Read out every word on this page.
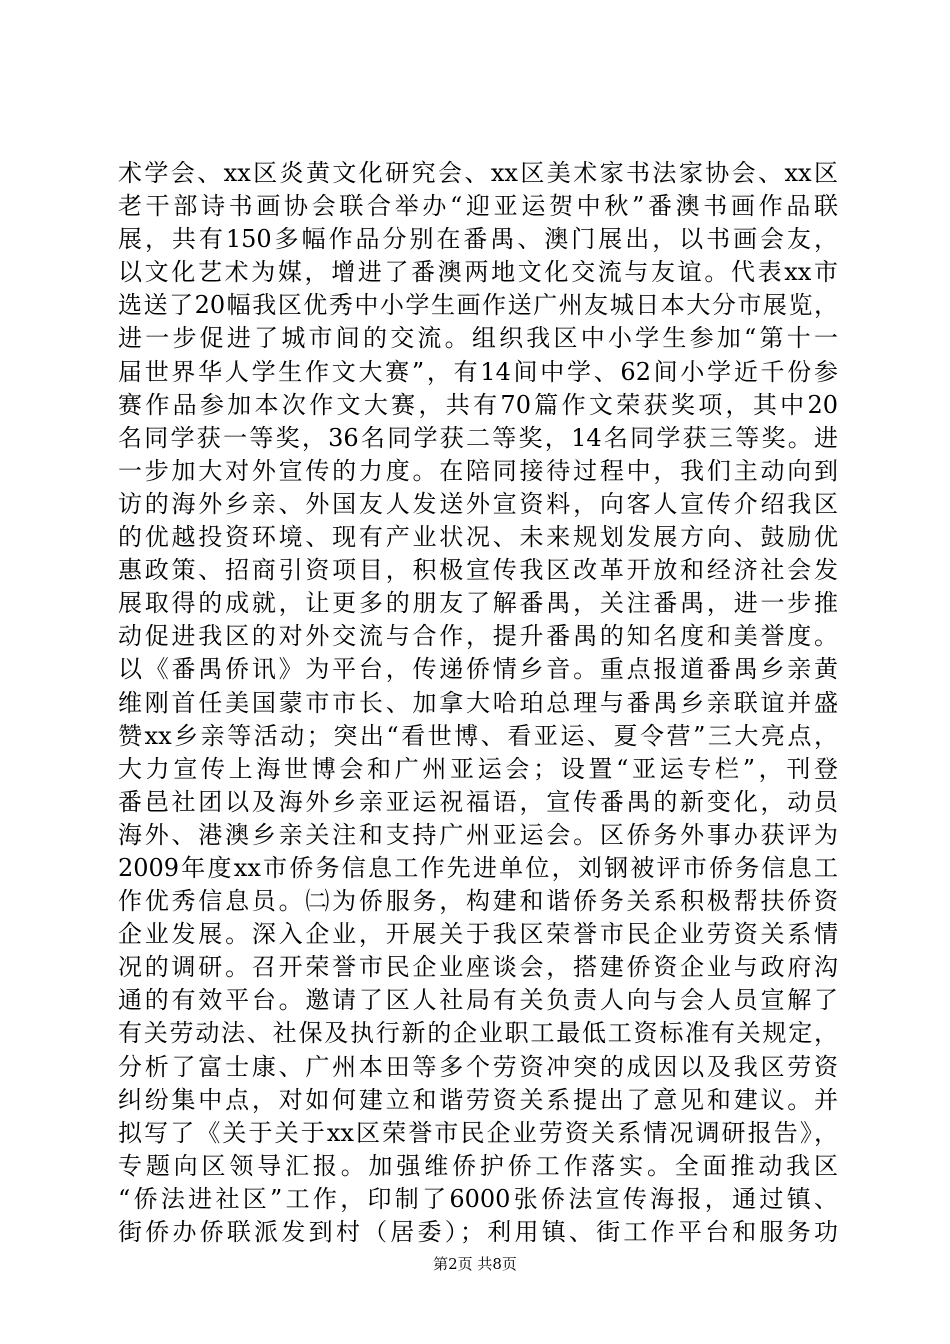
术学会、xx区炎黄文化研究会、xx区美术家书法家协会、xx区
老干部诗书画协会联合举办“迎亚运贺中秋”番澳书画作品联
展，共有150多幅作品分别在番禺、澳门展出，以书画会友，
以文化艺术为媒，增进了番澳两地文化交流与友谊。代表xx市
选送了20幅我区优秀中小学生画作送广州友城日本大分市展览，
进一步促进了城市间的交流。组织我区中小学生参加“第十一
届世界华人学生作文大赛”，有14间中学、62间小学近千份参
赛作品参加本次作文大赛，共有70篇作文荣获奖项，其中20
名同学获一等奖，36名同学获二等奖，14名同学获三等奖。进
一步加大对外宣传的力度。在陪同接待过程中，我们主动向到
访的海外乡亲、外国友人发送外宣资料，向客人宣传介绍我区
的优越投资环境、现有产业状况、未来规划发展方向、鼓励优
惠政策、招商引资项目，积极宣传我区改革开放和经济社会发
展取得的成就，让更多的朋友了解番禺，关注番禺，进一步推
动促进我区的对外交流与合作，提升番禺的知名度和美誉度。
以《番禺侨讯》为平台，传递侨情乡音。重点报道番禺乡亲黄
维刚首任美国蒙市市长、加拿大哈珀总理与番禺乡亲联谊并盛
赞xx乡亲等活动；突出“看世博、看亚运、夏令营”三大亮点，
大力宣传上海世博会和广州亚运会；设置“亚运专栏”，刊登
番邑社团以及海外乡亲亚运祝福语，宣传番禺的新变化，动员
海外、港澳乡亲关注和支持广州亚运会。区侨务外事办获评为
2009年度xx市侨务信息工作先进单位，刘钢被评市侨务信息工
作优秀信息员。㈡为侨服务，构建和谐侨务关系积极帮扶侨资
企业发展。深入企业，开展关于我区荣誉市民企业劳资关系情
况的调研。召开荣誉市民企业座谈会，搭建侨资企业与政府沟
通的有效平台。邀请了区人社局有关负责人向与会人员宣解了
有关劳动法、社保及执行新的企业职工最低工资标准有关规定，
分析了富士康、广州本田等多个劳资冲突的成因以及我区劳资
纠纷集中点，对如何建立和谐劳资关系提出了意见和建议。并
拟写了《关于关于xx区荣誉市民企业劳资关系情况调研报告》，
专题向区领导汇报。加强维侨护侨工作落实。全面推动我区
“侨法进社区”工作，印制了6000张侨法宣传海报，通过镇、
街侨办侨联派发到村（居委）；利用镇、街工作平台和服务功
第2页 共8页
